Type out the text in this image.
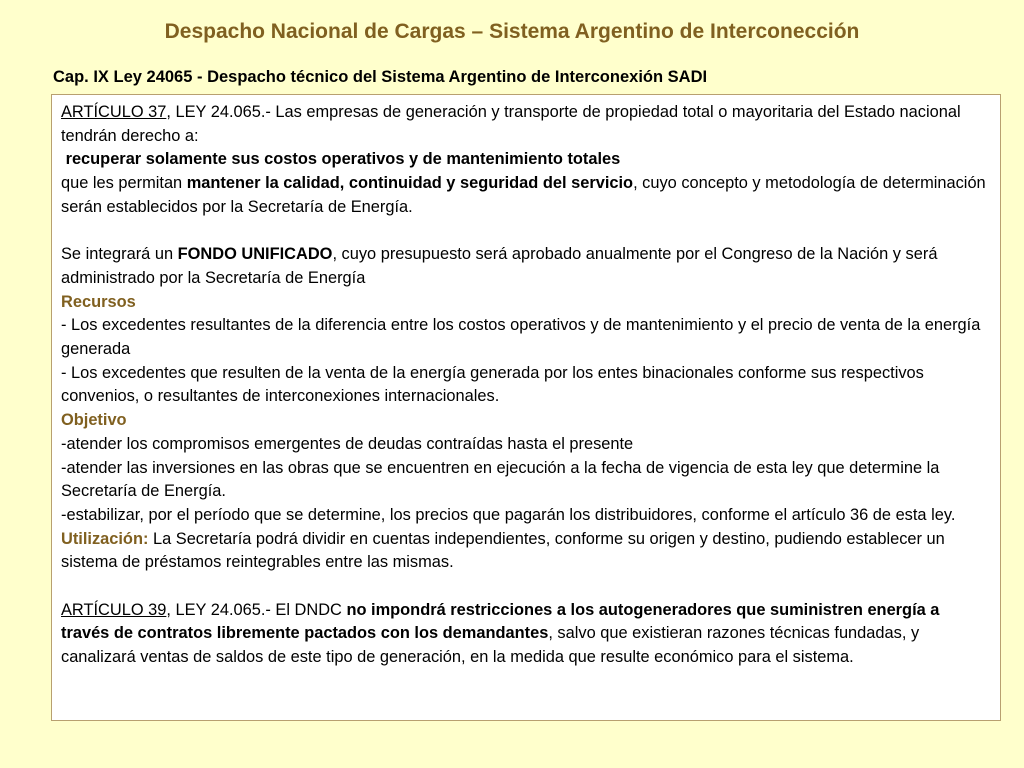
Despacho Nacional de Cargas – Sistema Argentino de Interconección
Cap. IX Ley 24065 - Despacho técnico del Sistema Argentino de Interconexión SADI

ARTÍCULO 37, LEY 24.065.- Las empresas de generación y transporte de propiedad total o mayoritaria del Estado nacional tendrán derecho a:

recuperar solamente sus costos operativos y de mantenimiento totales

que les permitan mantener la calidad, continuidad y seguridad del servicio, cuyo concepto y metodología de determinación serán establecidos por la Secretaría de Energía.

Se integrará un FONDO UNIFICADO, cuyo presupuesto será aprobado anualmente por el Congreso de la Nación y será administrado por la Secretaría de Energía

Recursos

- Los excedentes resultantes de la diferencia entre los costos operativos y de mantenimiento y el precio de venta de la energía generada

- Los excedentes que resulten de la venta de la energía generada por los entes binacionales conforme sus respectivos convenios, o resultantes de interconexiones internacionales.

Objetivo

-atender los compromisos emergentes de deudas contraídas hasta el presente

-atender las inversiones en las obras que se encuentren en ejecución a la fecha de vigencia de esta ley que determine la Secretaría de Energía.

-estabilizar, por el período que se determine, los precios que pagarán los distribuidores, conforme el artículo 36 de esta ley.

Utilización: La Secretaría podrá dividir en cuentas independientes, conforme su origen y destino, pudiendo establecer un sistema de préstamos reintegrables entre las mismas.

ARTÍCULO 39, LEY 24.065.- El DNDC no impondrá restricciones a los autogeneradores que suministren energía a través de contratos libremente pactados con los demandantes, salvo que existieran razones técnicas fundadas, y canalizará ventas de saldos de este tipo de generación, en la medida que resulte económico para el sistema.
